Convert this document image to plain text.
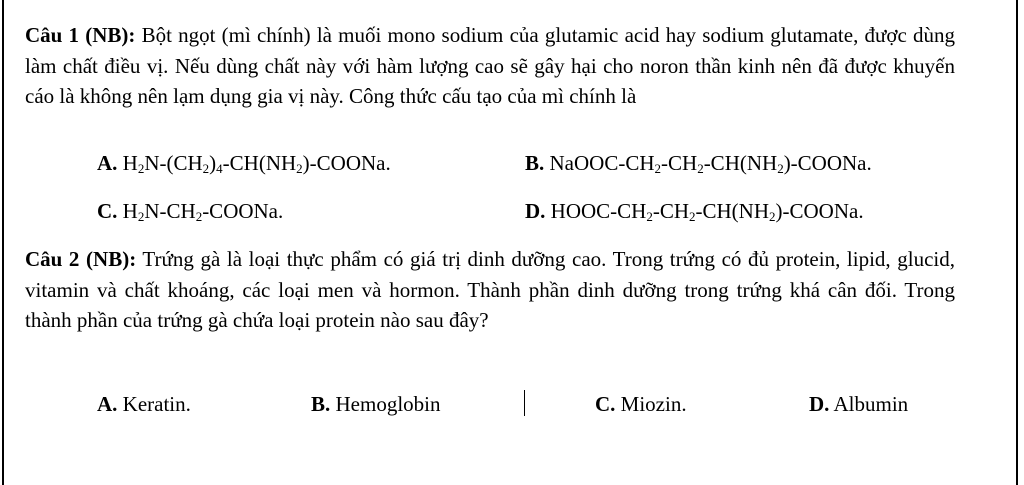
Câu 1 (NB): Bột ngọt (mì chính) là muối mono sodium của glutamic acid hay sodium glutamate, được dùng làm chất điều vị. Nếu dùng chất này với hàm lượng cao sẽ gây hại cho noron thần kinh nên đã được khuyến cáo là không nên lạm dụng gia vị này. Công thức cấu tạo của mì chính là
A. $H_2N-(CH_2)_4-CH(NH_2)$-COONa.	B. NaOOC-$CH_2-CH_2-CH(NH_2)$-COONa.
C. $H_2N-CH_2$-COONa.	D. HOOC-$CH_2-CH_2-CH(NH_2)$-COONa.
Câu 2 (NB): Trứng gà là loại thực phẩm có giá trị dinh dưỡng cao. Trong trứng có đủ protein, lipid, glucid, vitamin và chất khoáng, các loại men và hormon. Thành phần dinh dưỡng trong trứng khá cân đối. Trong thành phần của trứng gà chứa loại protein nào sau đây?
A. Keratin.	B. Hemoglobin	C. Miozin.	D. Albumin
